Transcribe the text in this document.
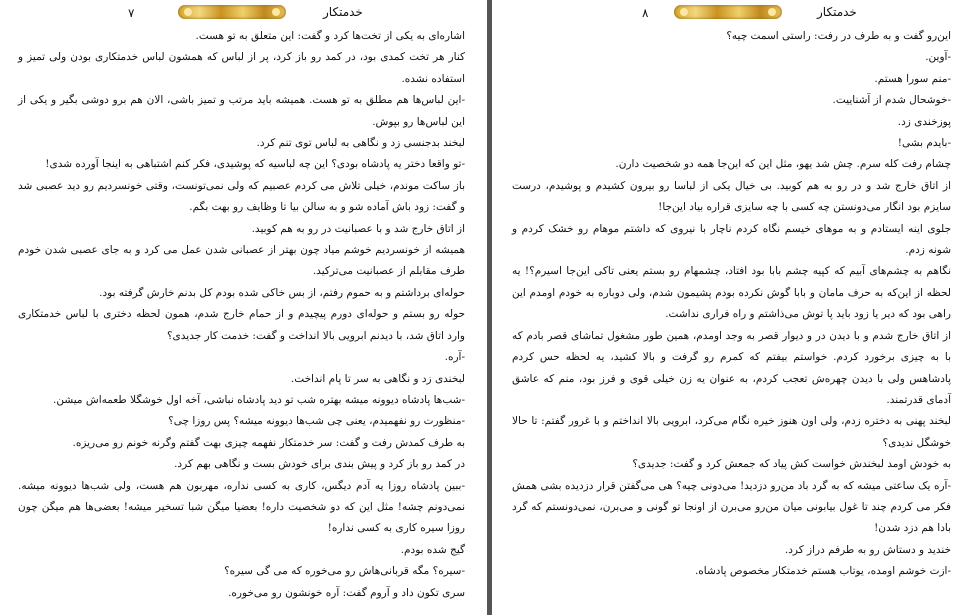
۷	خدمتکار

اشاره‌ای به یکی از تخت‌ها کرد و گفت: این متعلق به تو هست.

کنار هر تخت کمدی بود، در کمد رو باز کرد، پر از لباس که همشون لباس خدمتکاری بودن ولی تمیز و استفاده نشده.

-این لباس‌ها هم مطلق به تو هست. همیشه باید مرتب و تمیز باشی، الان هم برو دوشی بگیر و یکی از این لباس‌ها رو بپوش.

لبخند بدجنسی زد و نگاهی به لباس توی تنم کرد.

-تو واقعا دختر یه پادشاه بودی؟ این چه لباسیه که پوشیدی، فکر کنم اشتباهی به اینجا آورده شدی!

باز ساکت موندم، خیلی تلاش می کردم عصبیم که ولی نمی‌تونست، وقتی خونسردیم رو دید عصبی شد و گفت: زود باش آماده شو و به سالن بیا تا وظایف رو بهت بگم.

از اتاق خارج شد و با عصبانیت در رو به هم کوبید.

همیشه از خونسردیم خوشم میاد چون بهتر از عصبانی شدن عمل می کرد و به جای عصبی شدن خودم طرف مقابلم از عصبانیت می‌ترکید.

حوله‌ای برداشتم و به حموم رفتم، از بس خاکی شده بودم کل بدنم خارش گرفته بود.

حوله رو بستم و حوله‌ای دورم پیچیدم و از حمام خارج شدم، همون لحظه دختری با لباس خدمتکاری وارد اتاق شد، با دیدنم ابرویی بالا انداخت و گفت: خدمت کار جدیدی؟

-آره.

لبخندی زد و نگاهی به سر تا پام انداخت.

-شب‌ها پادشاه دیوونه میشه بهتره شب تو دید پادشاه نباشی، آخه اول خوشگلا طعمه‌اش میشن.

-منظورت رو نفهمیدم، یعنی چی شب‌ها دیوونه میشه؟ پس روزا چی؟

به طرف کمدش رفت و گفت: سر خدمتکار نفهمه چیزی بهت گفتم وگرنه خونم رو می‌ریزه.

در کمد رو باز کرد و پیش بندی برای خودش بست و نگاهی بهم کرد.

-ببین پادشاه روزا یه آدم دیگس، کاری به کسی نداره، مهربون هم هست، ولی شب‌ها دیوونه میشه. نمی‌دونم چشه! مثل این که دو شخصیت داره! بعضیا میگن شبا تسخیر میشه! بعضی‌ها هم میگن چون روزا سیره کاری به کسی نداره!

گیج شده بودم.

-سیره؟ مگه قربانی‌هاش رو می‌خوره که می گی سیره؟

سری تکون داد و آروم گفت: آره خونشون رو می‌خوره.

۸	خدمتکار

این‌رو گفت و به طرف در رفت: راستی اسمت چیه؟

-آوین.

-منم سورا هستم.

-خوشحال شدم از آشناییت.

پوزخندی زد.

-بایدم بشی!

چشام رفت کله سرم. چش شد یهو، مثل این که این‌جا همه دو شخصیت دارن.

از اتاق خارج شد و در رو به هم کوبید. بی خیال یکی از لباسا رو بیرون کشیدم و پوشیدم، درست سایزم بود انگار می‌دونستن چه کسی با چه سایزی قراره بیاد این‌جا!

جلوی اینه ایستادم و به موهای خیسم نگاه کردم ناچار با نیروی که داشتم موهام رو خشک کردم و شونه زدم.

نگاهم به چشم‌های آبیم که کپیه چشم بابا بود افتاد، چشمهام رو بستم یعنی تاکی این‌جا اسیرم؟! یه لحظه از این‌که به حرف مامان و بابا گوش نکرده بودم پشیمون شدم، ولی دوباره به خودم اومدم این راهی بود که دیر یا زود باید پا توش می‌ذاشتم و راه فراری نداشت.

از اتاق خارج شدم و با دیدن در و دیوار قصر به وجد اومدم، همین طور مشغول تماشای قصر بادم که با به چیزی برخورد کردم. خواستم بیفتم که کمرم رو گرفت و بالا کشید، یه لحظه حس کردم پادشاهس ولی با دیدن چهره‌ش تعجب کردم، به عنوان یه زن خیلی قوی و فرز بود، منم که عاشق آدمای قدرتمند.

لبخند پهنی به دختره زدم، ولی اون هنوز خیره نگام می‌کرد، ابرویی بالا انداختم و با غرور گفتم: تا حالا خوشگل ندیدی؟

به خودش اومد لبخندش خواست کش پیاد که جمعش کرد و گفت: جدیدی؟

-آره یک ساعتی میشه که به گرد باد من‌رو دزدید! می‌دونی چیه؟ هی می‌گفتن قرار دزدیده بشی همش فکر می کردم چند تا غول بیابونی میان من‌رو می‌برن از اونجا تو گونی و می‌برن، نمی‌دونستم که گرد بادا هم دزد شدن!

خندید و دستاش رو به طرفم دراز کرد.

-ازت خوشم اومده، یوتاب هستم خدمتکار مخصوص پادشاه.
